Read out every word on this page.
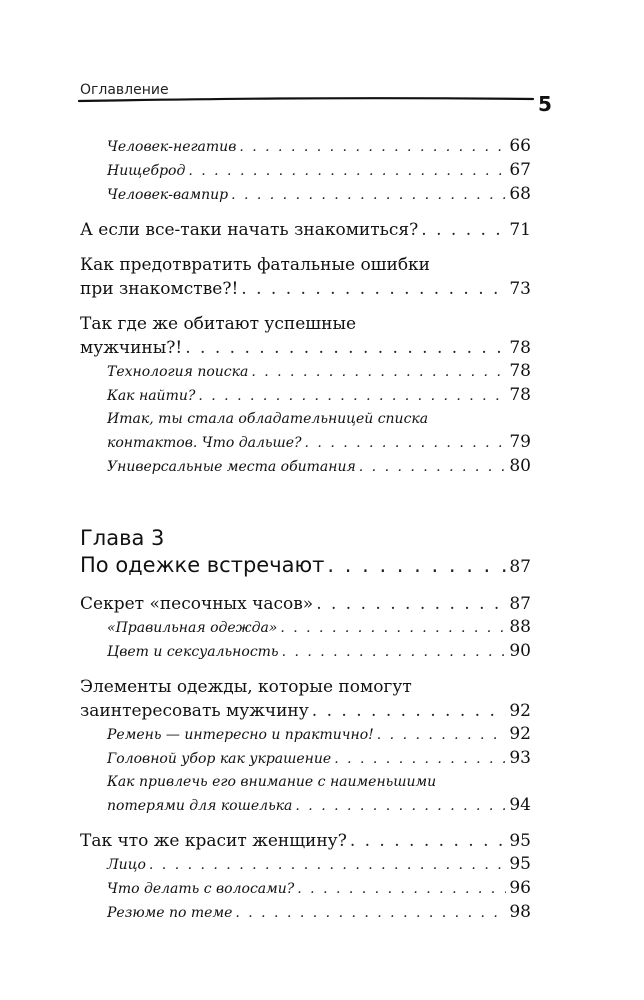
Оглавление
5
Человек-негатив . . .	66
Нищеброд . . .	67
Человек-вампир . . .	68
А если все-таки начать знакомиться? . . .	71
Как предотвратить фатальные ошибки
при знакомстве?! . . .	73
Так где же обитают успешные
мужчины?! . . .	78
Технология поиска . . .	78
Как найти? . . .	78
Итак, ты стала обладательницей списка
контактов. Что дальше? . . .	79
Универсальные места обитания . . .	80
Глава 3
По одежке встречают . . .	87
Секрет «песочных часов» . . .	87
«Правильная одежда» . . .	88
Цвет и сексуальность . . .	90
Элементы одежды, которые помогут
заинтересовать мужчину . . .	92
Ремень — интересно и практично! . . .	92
Головной убор как украшение . . .	93
Как привлечь его внимание с наименьшими
потерями для кошелька . . .	94
Так что же красит женщину? . . .	95
Лицо . . .	95
Что делать с волосами? . . .	96
Резюме по теме . . .	98
